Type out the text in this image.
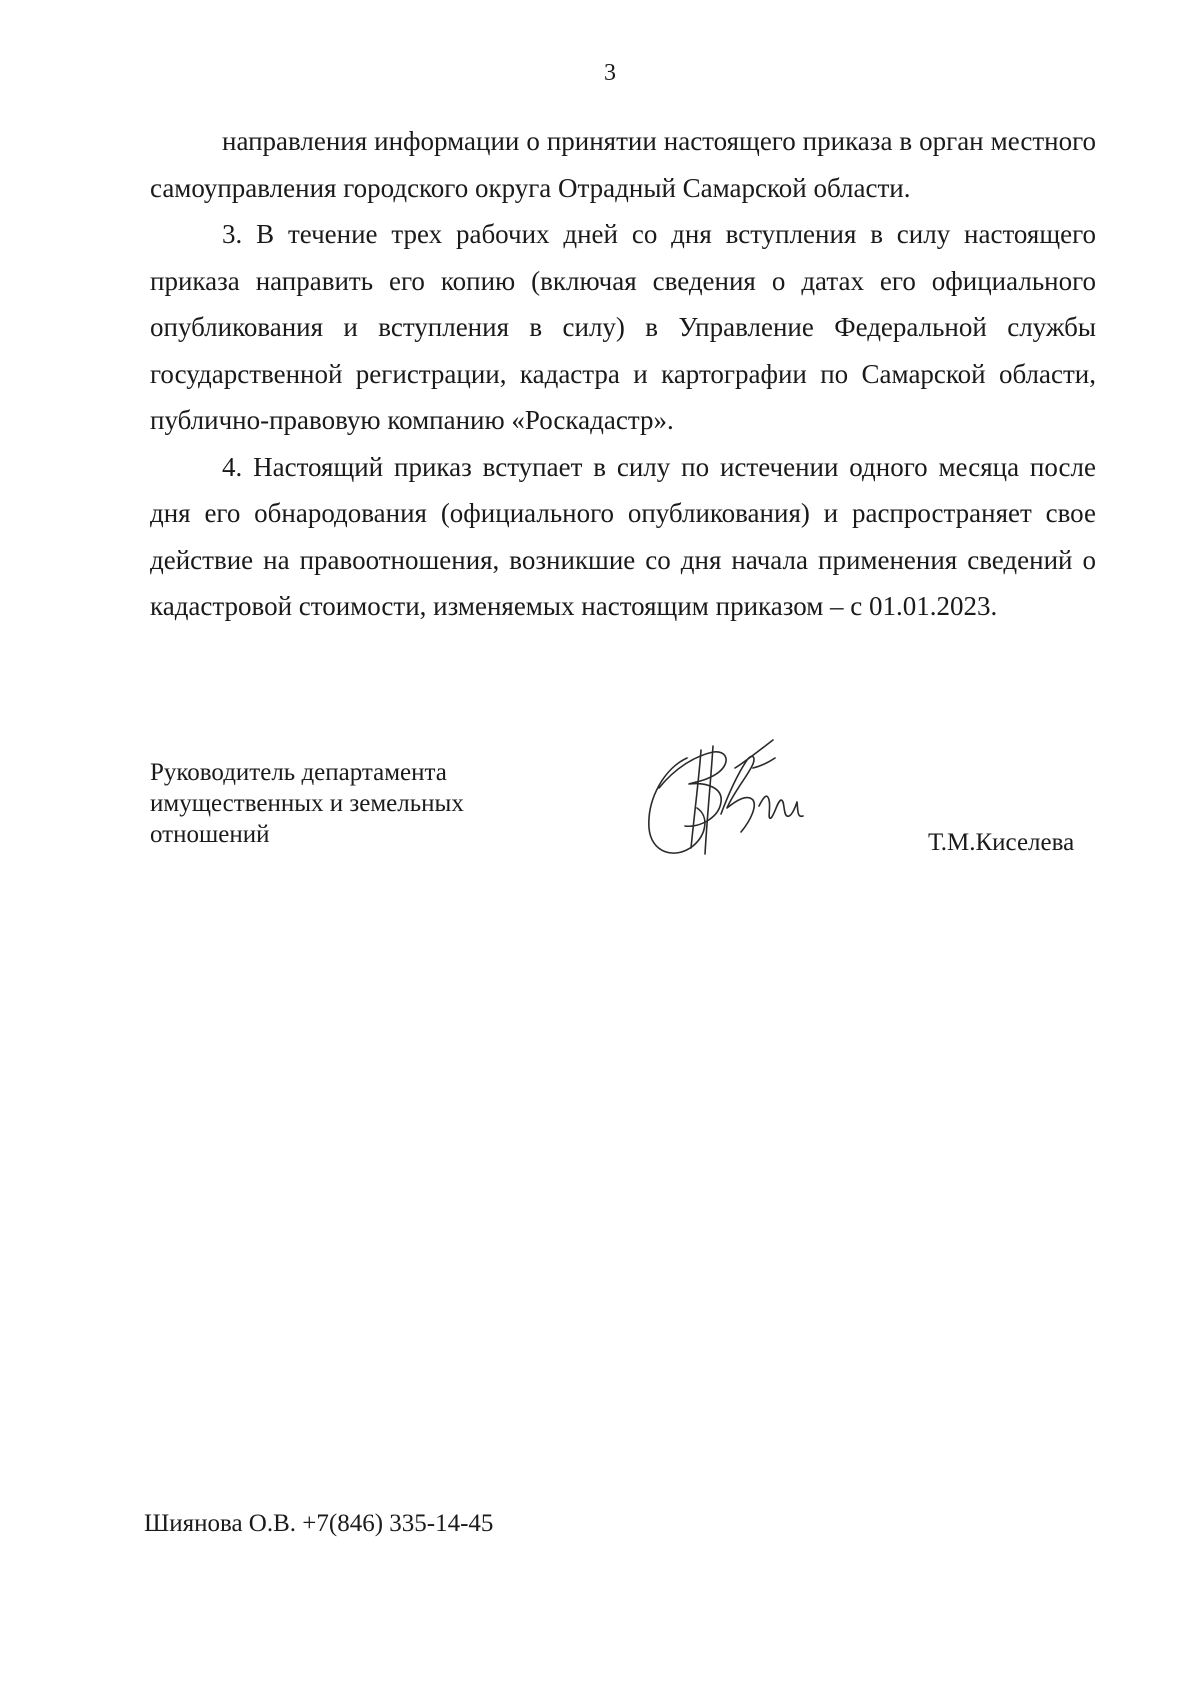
3

направления информации о принятии настоящего приказа в орган местного самоуправления городского округа Отрадный Самарской области.

3. В течение трех рабочих дней со дня вступления в силу настоящего приказа направить его копию (включая сведения о датах его официального опубликования и вступления в силу) в Управление Федеральной службы государственной регистрации, кадастра и картографии по Самарской области, публично-правовую компанию «Роскадастр».

4. Настоящий приказ вступает в силу по истечении одного месяца после дня его обнародования (официального опубликования) и распространяет свое действие на правоотношения, возникшие со дня начала применения сведений о кадастровой стоимости, изменяемых настоящим приказом – с 01.01.2023.

Руководитель департамента
имущественных и земельных
отношений	Т.М.Киселева
Шиянова О.В. +7(846) 335-14-45
